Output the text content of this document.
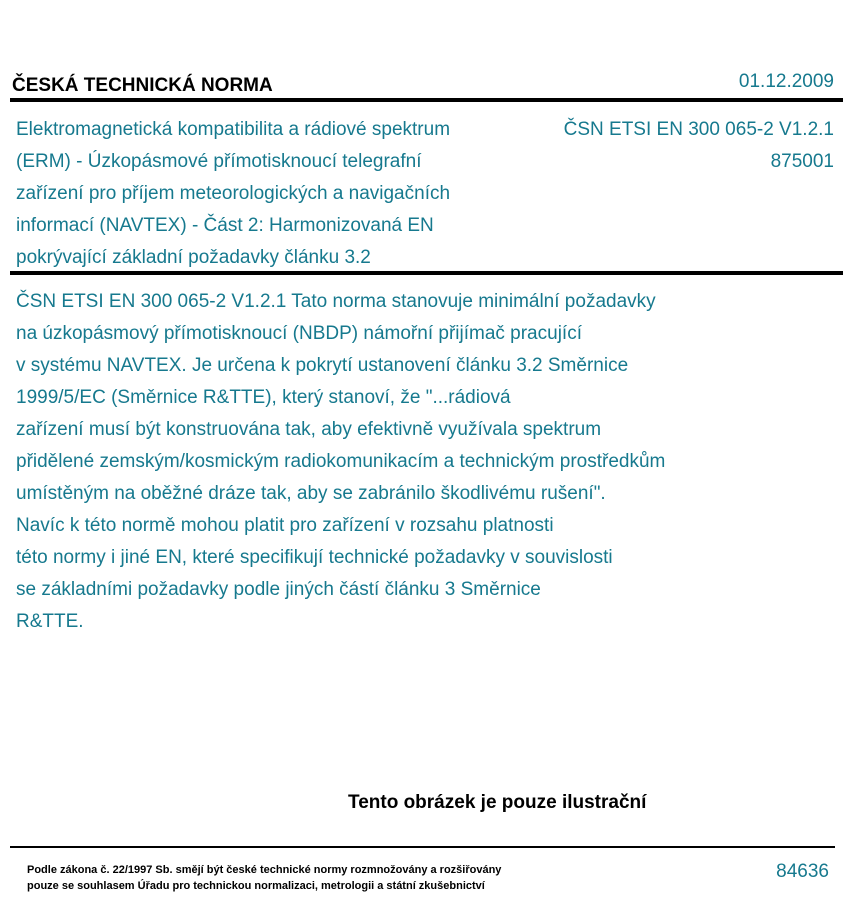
ČESKÁ TECHNICKÁ NORMA	01.12.2009
Elektromagnetická kompatibilita a rádiové spektrum
(ERM) - Úzkopásmové přímotisknoucí telegrafní
zařízení pro příjem meteorologických a navigačních
informací (NAVTEX) - Část 2: Harmonizovaná EN
pokrývající základní požadavky článku 3.2
ČSN ETSI EN 300 065-2 V1.2.1
875001
ČSN ETSI EN 300 065-2 V1.2.1 Tato norma stanovuje minimální požadavky
na úzkopásmový přímotisknoucí (NBDP) námořní přijímač pracující
v systému NAVTEX. Je určena k pokrytí ustanovení článku 3.2 Směrnice
1999/5/EC (Směrnice R&TTE), který stanoví, že "...rádiová
zařízení musí být konstruována tak, aby efektivně využívala spektrum
přidělené zemským/kosmickým radiokomunikacím a technickým prostředkům
umístěným na oběžné dráze tak, aby se zabránilo škodlivému rušení".
Navíc k této normě mohou platit pro zařízení v rozsahu platnosti
této normy i jiné EN, které specifikují technické požadavky v souvislosti
se základními požadavky podle jiných částí článku 3 Směrnice
R&TTE.
Tento obrázek je pouze ilustrační
Podle zákona č. 22/1997 Sb. smějí být české technické normy rozmnožovány a rozšiřovány
pouze se souhlasem Úřadu pro technickou normalizaci, metrologii a státní zkušebnictví
84636
